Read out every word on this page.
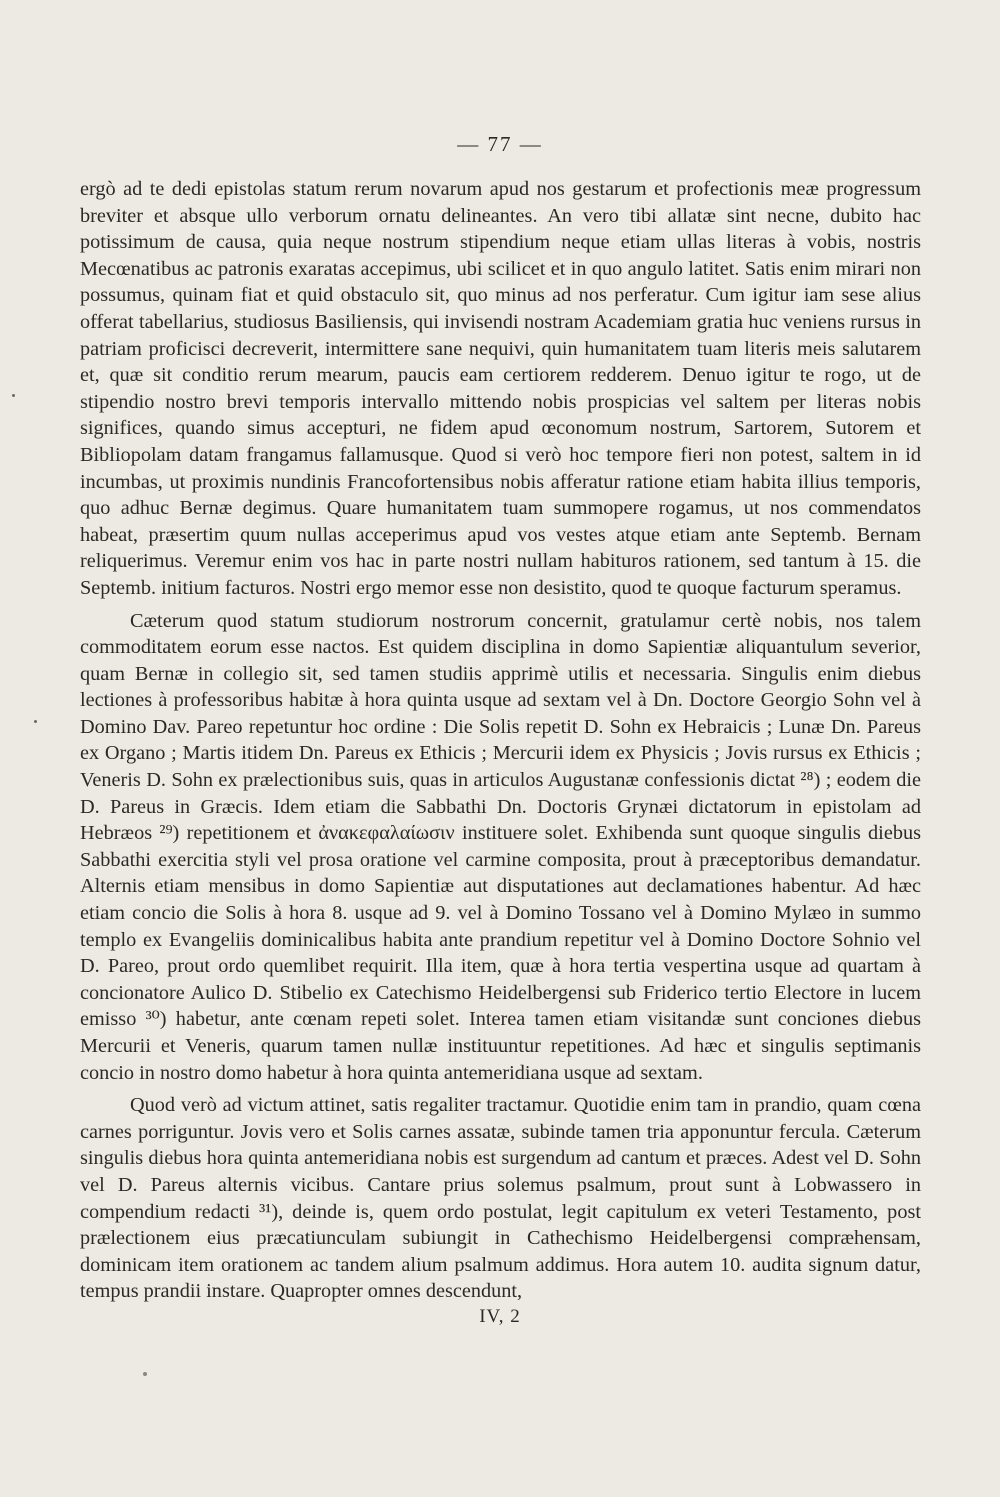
— 77 —

ergò ad te dedi epistolas statum rerum novarum apud nos gestarum et profectionis meæ progressum breviter et absque ullo verborum ornatu delineantes. An vero tibi allatæ sint necne, dubito hac potissimum de causa, quia neque nostrum stipendium neque etiam ullas literas à vobis, nostris Mecœnatibus ac patronis exaratas accepimus, ubi scilicet et in quo angulo latitet. Satis enim mirari non possumus, quinam fiat et quid obstaculo sit, quo minus ad nos perferatur. Cum igitur iam sese alius offerat tabellarius, studiosus Basiliensis, qui invisendi nostram Academiam gratia huc veniens rursus in patriam proficisci decreverit, intermittere sane nequivi, quin humanitatem tuam literis meis salutarem et, quæ sit conditio rerum mearum, paucis eam certiorem redderem. Denuo igitur te rogo, ut de stipendio nostro brevi temporis intervallo mittendo nobis prospicias vel saltem per literas nobis significes, quando simus accepturi, ne fidem apud œconomum nostrum, Sartorem, Sutorem et Bibliopolam datam frangamus fallamusque. Quod si verò hoc tempore fieri non potest, saltem in id incumbas, ut proximis nundinis Francofortensibus nobis afferatur ratione etiam habita illius temporis, quo adhuc Bernæ degimus. Quare humanitatem tuam summopere rogamus, ut nos commendatos habeat, præsertim quum nullas acceperimus apud vos vestes atque etiam ante Septemb. Bernam reliquerimus. Veremur enim vos hac in parte nostri nullam habituros rationem, sed tantum à 15. die Septemb. initium facturos. Nostri ergo memor esse non desistito, quod te quoque facturum speramus.

Cæterum quod statum studiorum nostrorum concernit, gratulamur certè nobis, nos talem commoditatem eorum esse nactos. Est quidem disciplina in domo Sapientiæ aliquantulum severior, quam Bernæ in collegio sit, sed tamen studiis apprimè utilis et necessaria. Singulis enim diebus lectiones à professoribus habitæ à hora quinta usque ad sextam vel à Dn. Doctore Georgio Sohn vel à Domino Dav. Pareo repetuntur hoc ordine : Die Solis repetit D. Sohn ex Hebraicis ; Lunæ Dn. Pareus ex Organo ; Martis itidem Dn. Pareus ex Ethicis ; Mercurii idem ex Physicis ; Jovis rursus ex Ethicis ; Veneris D. Sohn ex prælectionibus suis, quas in articulos Augustanæ confessionis dictat ²⁸) ; eodem die D. Pareus in Græcis. Idem etiam die Sabbathi Dn. Doctoris Grynæi dictatorum in epistolam ad Hebræos ²⁹) repetitionem et ἀνακεφαλαίωσιν instituere solet. Exhibenda sunt quoque singulis diebus Sabbathi exercitia styli vel prosa oratione vel carmine composita, prout à præceptoribus demandatur. Alternis etiam mensibus in domo Sapientiæ aut disputationes aut declamationes habentur. Ad hæc etiam concio die Solis à hora 8. usque ad 9. vel à Domino Tossano vel à Domino Mylæo in summo templo ex Evangeliis dominicalibus habita ante prandium repetitur vel à Domino Doctore Sohnio vel D. Pareo, prout ordo quemlibet requirit. Illa item, quæ à hora tertia vespertina usque ad quartam à concionatore Aulico D. Stibelio ex Catechismo Heidelbergensi sub Friderico tertio Electore in lucem emisso ³⁰) habetur, ante cœnam repeti solet. Interea tamen etiam visitandæ sunt conciones diebus Mercurii et Veneris, quarum tamen nullæ instituuntur repetitiones. Ad hæc et singulis septimanis concio in nostro domo habetur à hora quinta antemeridiana usque ad sextam.

Quod verò ad victum attinet, satis regaliter tractamur. Quotidie enim tam in prandio, quam cœna carnes porriguntur. Jovis vero et Solis carnes assatæ, subinde tamen tria apponuntur fercula. Cæterum singulis diebus hora quinta antemeridiana nobis est surgendum ad cantum et præces. Adest vel D. Sohn vel D. Pareus alternis vicibus. Cantare prius solemus psalmum, prout sunt à Lobwassero in compendium redacti ³¹), deinde is, quem ordo postulat, legit capitulum ex veteri Testamento, post prælectionem eius præcatiunculam subiungit in Cathechismo Heidelbergensi compræhensam, dominicam item orationem ac tandem alium psalmum addimus. Hora autem 10. audita signum datur, tempus prandii instare. Quapropter omnes descendunt,

IV, 2
